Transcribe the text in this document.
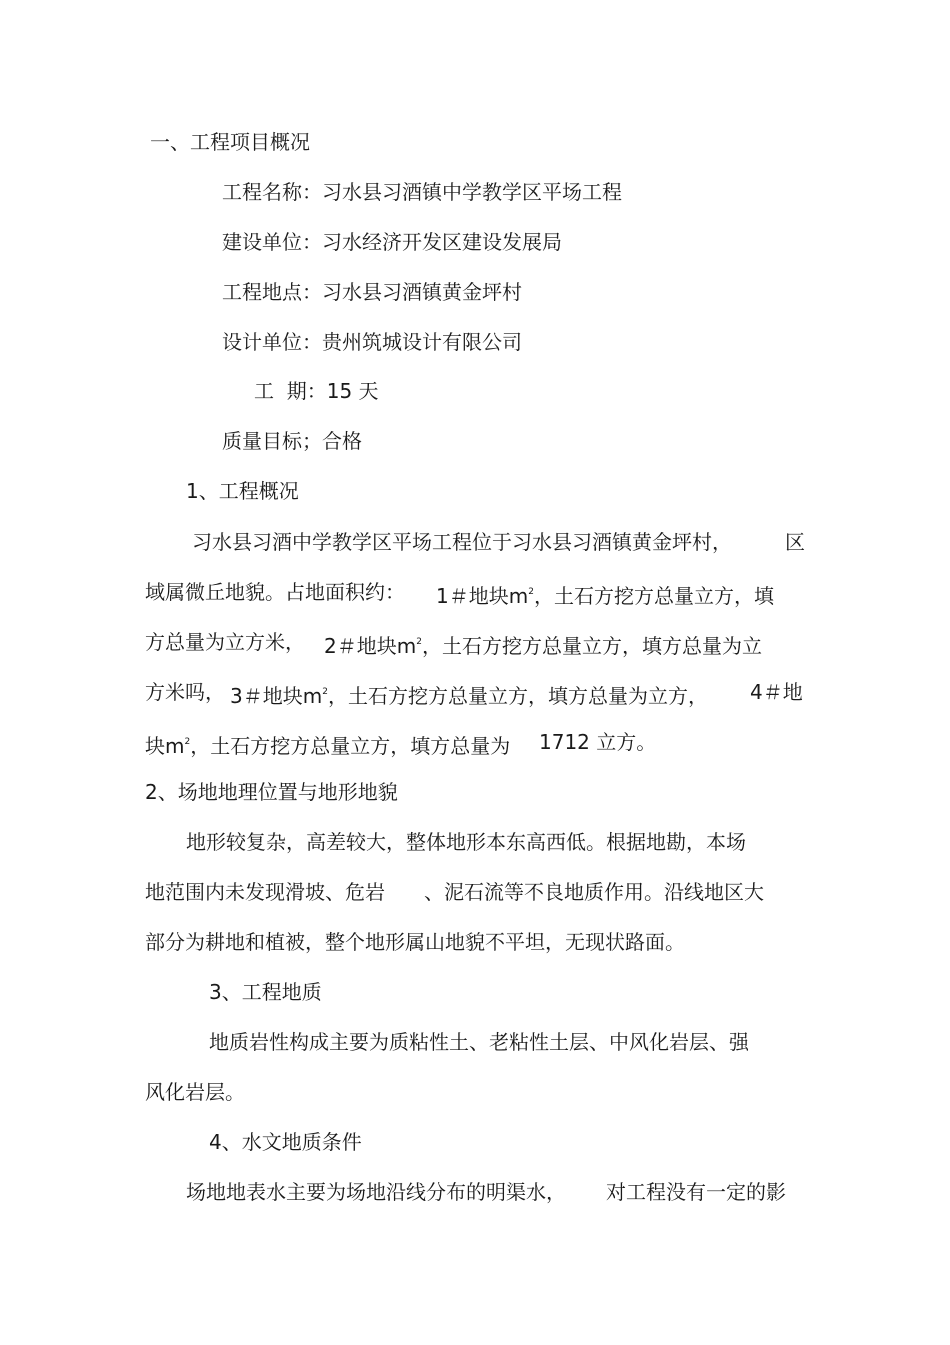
一、工程项目概况
工程名称：习水县习酒镇中学教学区平场工程
建设单位：习水经济开发区建设发展局
工程地点：习水县习酒镇黄金坪村
设计单位：贵州筑城设计有限公司
工  期：15 天
质量目标；合格
1、工程概况
习水县习酒中学教学区平场工程位于习水县习酒镇黄金坪村，	区
域属微丘地貌。占地面积约： 1＃地块$m^2$，土石方挖方总量立方，填
方总量为立方米， 2＃地块$m^2$，土石方挖方总量立方，填方总量为立
方米吗， 3＃地块$m^2$，土石方挖方总量立方，填方总量为立方， 4＃地
块$m^2$，土石方挖方总量立方，填方总量为 1712 立方。
2、场地地理位置与地形地貌
地形较复杂，高差较大，整体地形本东高西低。根据地勘，本场
地范围内未发现滑坡、危岩 、泥石流等不良地质作用。沿线地区大
部分为耕地和植被，整个地形属山地貌不平坦，无现状路面。
3、工程地质
地质岩性构成主要为质粘性土、老粘性土层、中风化岩层、强
风化岩层。
4、水文地质条件
场地地表水主要为场地沿线分布的明渠水， 对工程没有一定的影
